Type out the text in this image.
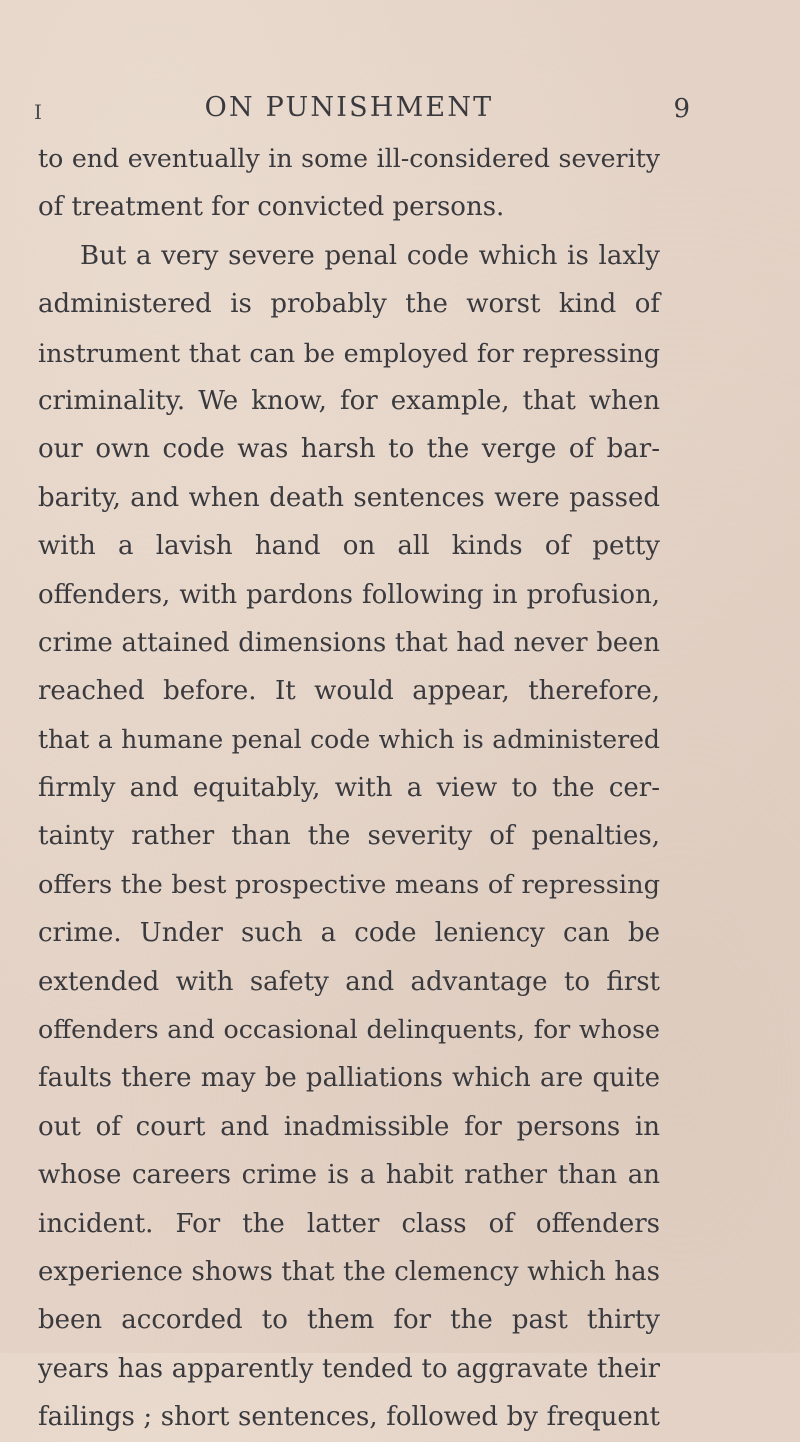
I	ON PUNISHMENT	9
to end eventually in some ill-considered severity
of treatment for convicted persons.
But a very severe penal code which is laxly
administered is probably the worst kind of
instrument that can be employed for repressing
criminality. We know, for example, that when
our own code was harsh to the verge of bar-
barity, and when death sentences were passed
with a lavish hand on all kinds of petty
offenders, with pardons following in profusion,
crime attained dimensions that had never been
reached before. It would appear, therefore,
that a humane penal code which is administered
firmly and equitably, with a view to the cer-
tainty rather than the severity of penalties,
offers the best prospective means of repressing
crime. Under such a code leniency can be
extended with safety and advantage to first
offenders and occasional delinquents, for whose
faults there may be palliations which are quite
out of court and inadmissible for persons in
whose careers crime is a habit rather than an
incident. For the latter class of offenders
experience shows that the clemency which has
been accorded to them for the past thirty
years has apparently tended to aggravate their
failings ; short sentences, followed by frequent
